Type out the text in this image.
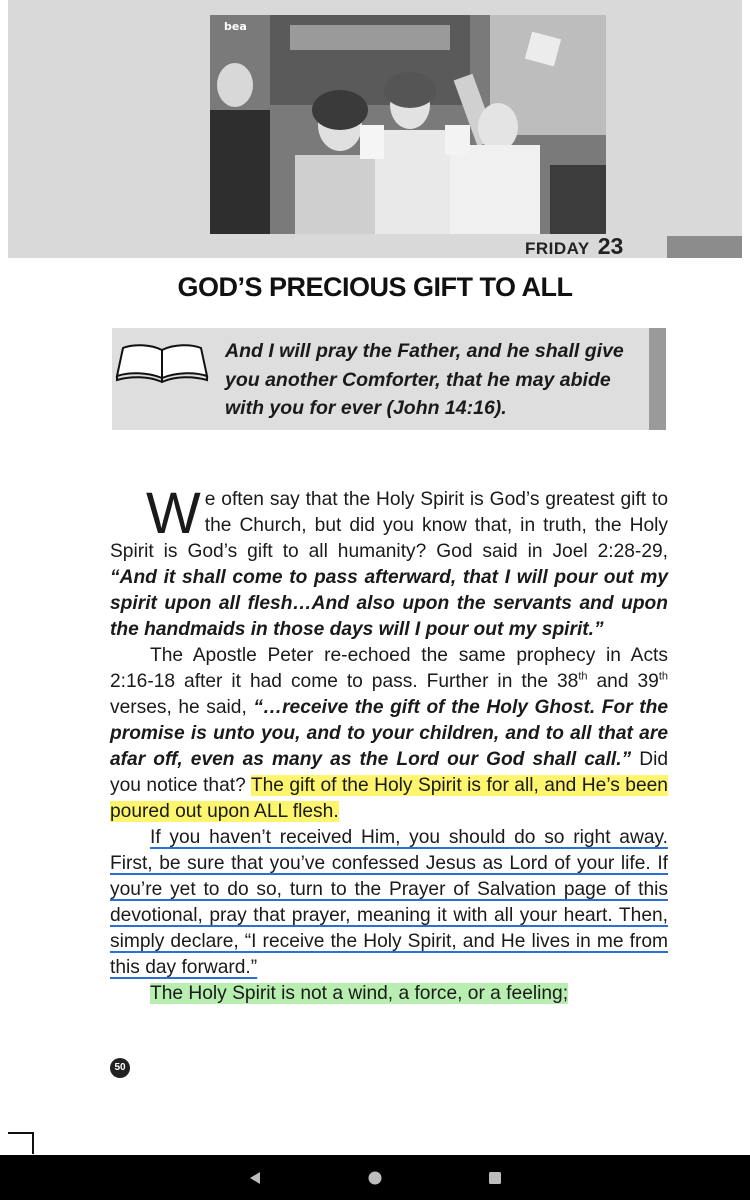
bea
FRIDAY 23
GOD’S PRECIOUS GIFT TO ALL
And I will pray the Father, and he shall give you another Comforter, that he may abide with you for ever (John 14:16).

We often say that the Holy Spirit is God’s greatest gift to the Church, but did you know that, in truth, the Holy Spirit is God’s gift to all humanity? God said in Joel 2:28-29, “And it shall come to pass afterward, that I will pour out my spirit upon all flesh…And also upon the servants and upon the handmaids in those days will I pour out my spirit.”

The Apostle Peter re-echoed the same prophecy in Acts 2:16-18 after it had come to pass. Further in the 38th and 39th verses, he said, “…receive the gift of the Holy Ghost. For the promise is unto you, and to your children, and to all that are afar off, even as many as the Lord our God shall call.” Did you notice that? The gift of the Holy Spirit is for all, and He’s been poured out upon ALL flesh.

If you haven’t received Him, you should do so right away. First, be sure that you’ve confessed Jesus as Lord of your life. If you’re yet to do so, turn to the Prayer of Salvation page of this devotional, pray that prayer, meaning it with all your heart. Then, simply declare, “I receive the Holy Spirit, and He lives in me from this day forward.”

The Holy Spirit is not a wind, a force, or a feeling;

50
